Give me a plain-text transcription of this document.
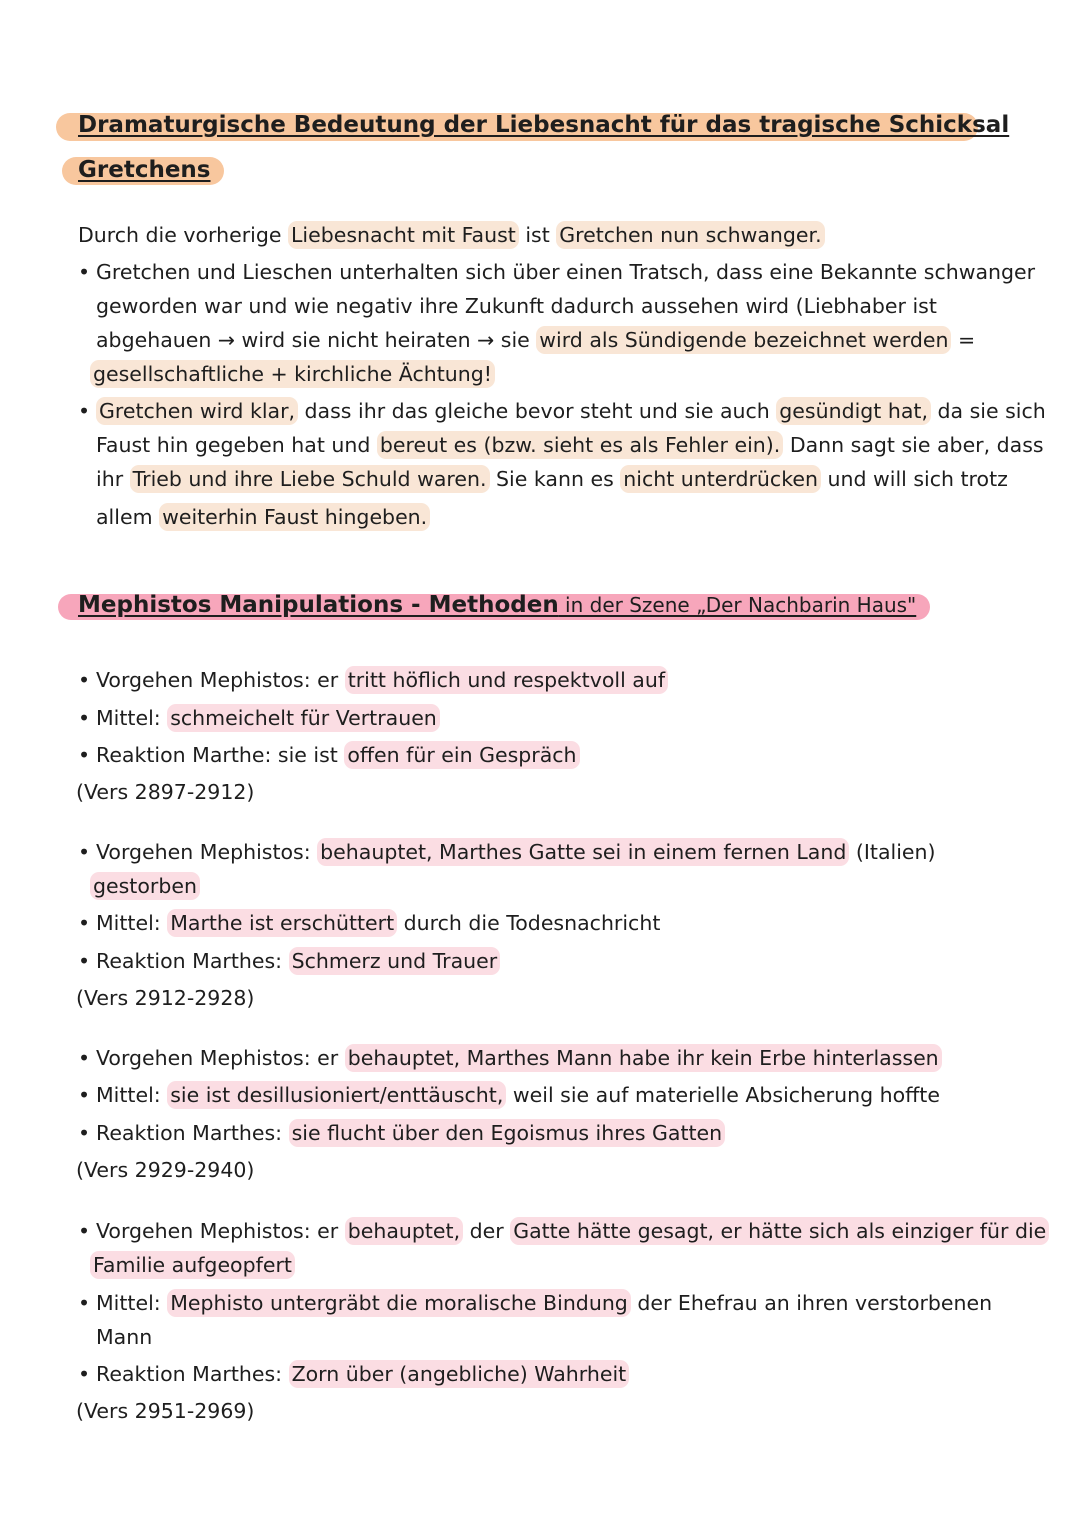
Dramaturgische Bedeutung der Liebesnacht für das tragische Schicksal
Gretchens
Durch die vorherige Liebesnacht mit Faust ist Gretchen nun schwanger.
• Gretchen und Lieschen unterhalten sich über einen Tratsch, dass eine Bekannte schwanger
geworden war und wie negativ ihre Zukunft dadurch aussehen wird (Liebhaber ist
abgehauen → wird sie nicht heiraten → sie wird als Sündigende bezeichnet werden =
gesellschaftliche + kirchliche Ächtung!
• Gretchen wird klar, dass ihr das gleiche bevor steht und sie auch gesündigt hat, da sie sich
Faust hin gegeben hat und bereut es (bzw. sieht es als Fehler ein). Dann sagt sie aber, dass
ihr Trieb und ihre Liebe Schuld waren. Sie kann es nicht unterdrücken und will sich trotz
allem weiterhin Faust hingeben.
Mephistos Manipulations - Methoden in der Szene „Der Nachbarin Haus"
• Vorgehen Mephistos: er tritt höflich und respektvoll auf
• Mittel: schmeichelt für Vertrauen
• Reaktion Marthe: sie ist offen für ein Gespräch
(Vers 2897-2912)
• Vorgehen Mephistos: behauptet, Marthes Gatte sei in einem fernen Land (Italien)
gestorben
• Mittel: Marthe ist erschüttert durch die Todesnachricht
• Reaktion Marthes: Schmerz und Trauer
(Vers 2912-2928)
• Vorgehen Mephistos: er behauptet, Marthes Mann habe ihr kein Erbe hinterlassen
• Mittel: sie ist desillusioniert/enttäuscht, weil sie auf materielle Absicherung hoffte
• Reaktion Marthes: sie flucht über den Egoismus ihres Gatten
(Vers 2929-2940)
• Vorgehen Mephistos: er behauptet, der Gatte hätte gesagt, er hätte sich als einziger für die
Familie aufgeopfert
• Mittel: Mephisto untergräbt die moralische Bindung der Ehefrau an ihren verstorbenen
Mann
• Reaktion Marthes: Zorn über (angebliche) Wahrheit
(Vers 2951-2969)
